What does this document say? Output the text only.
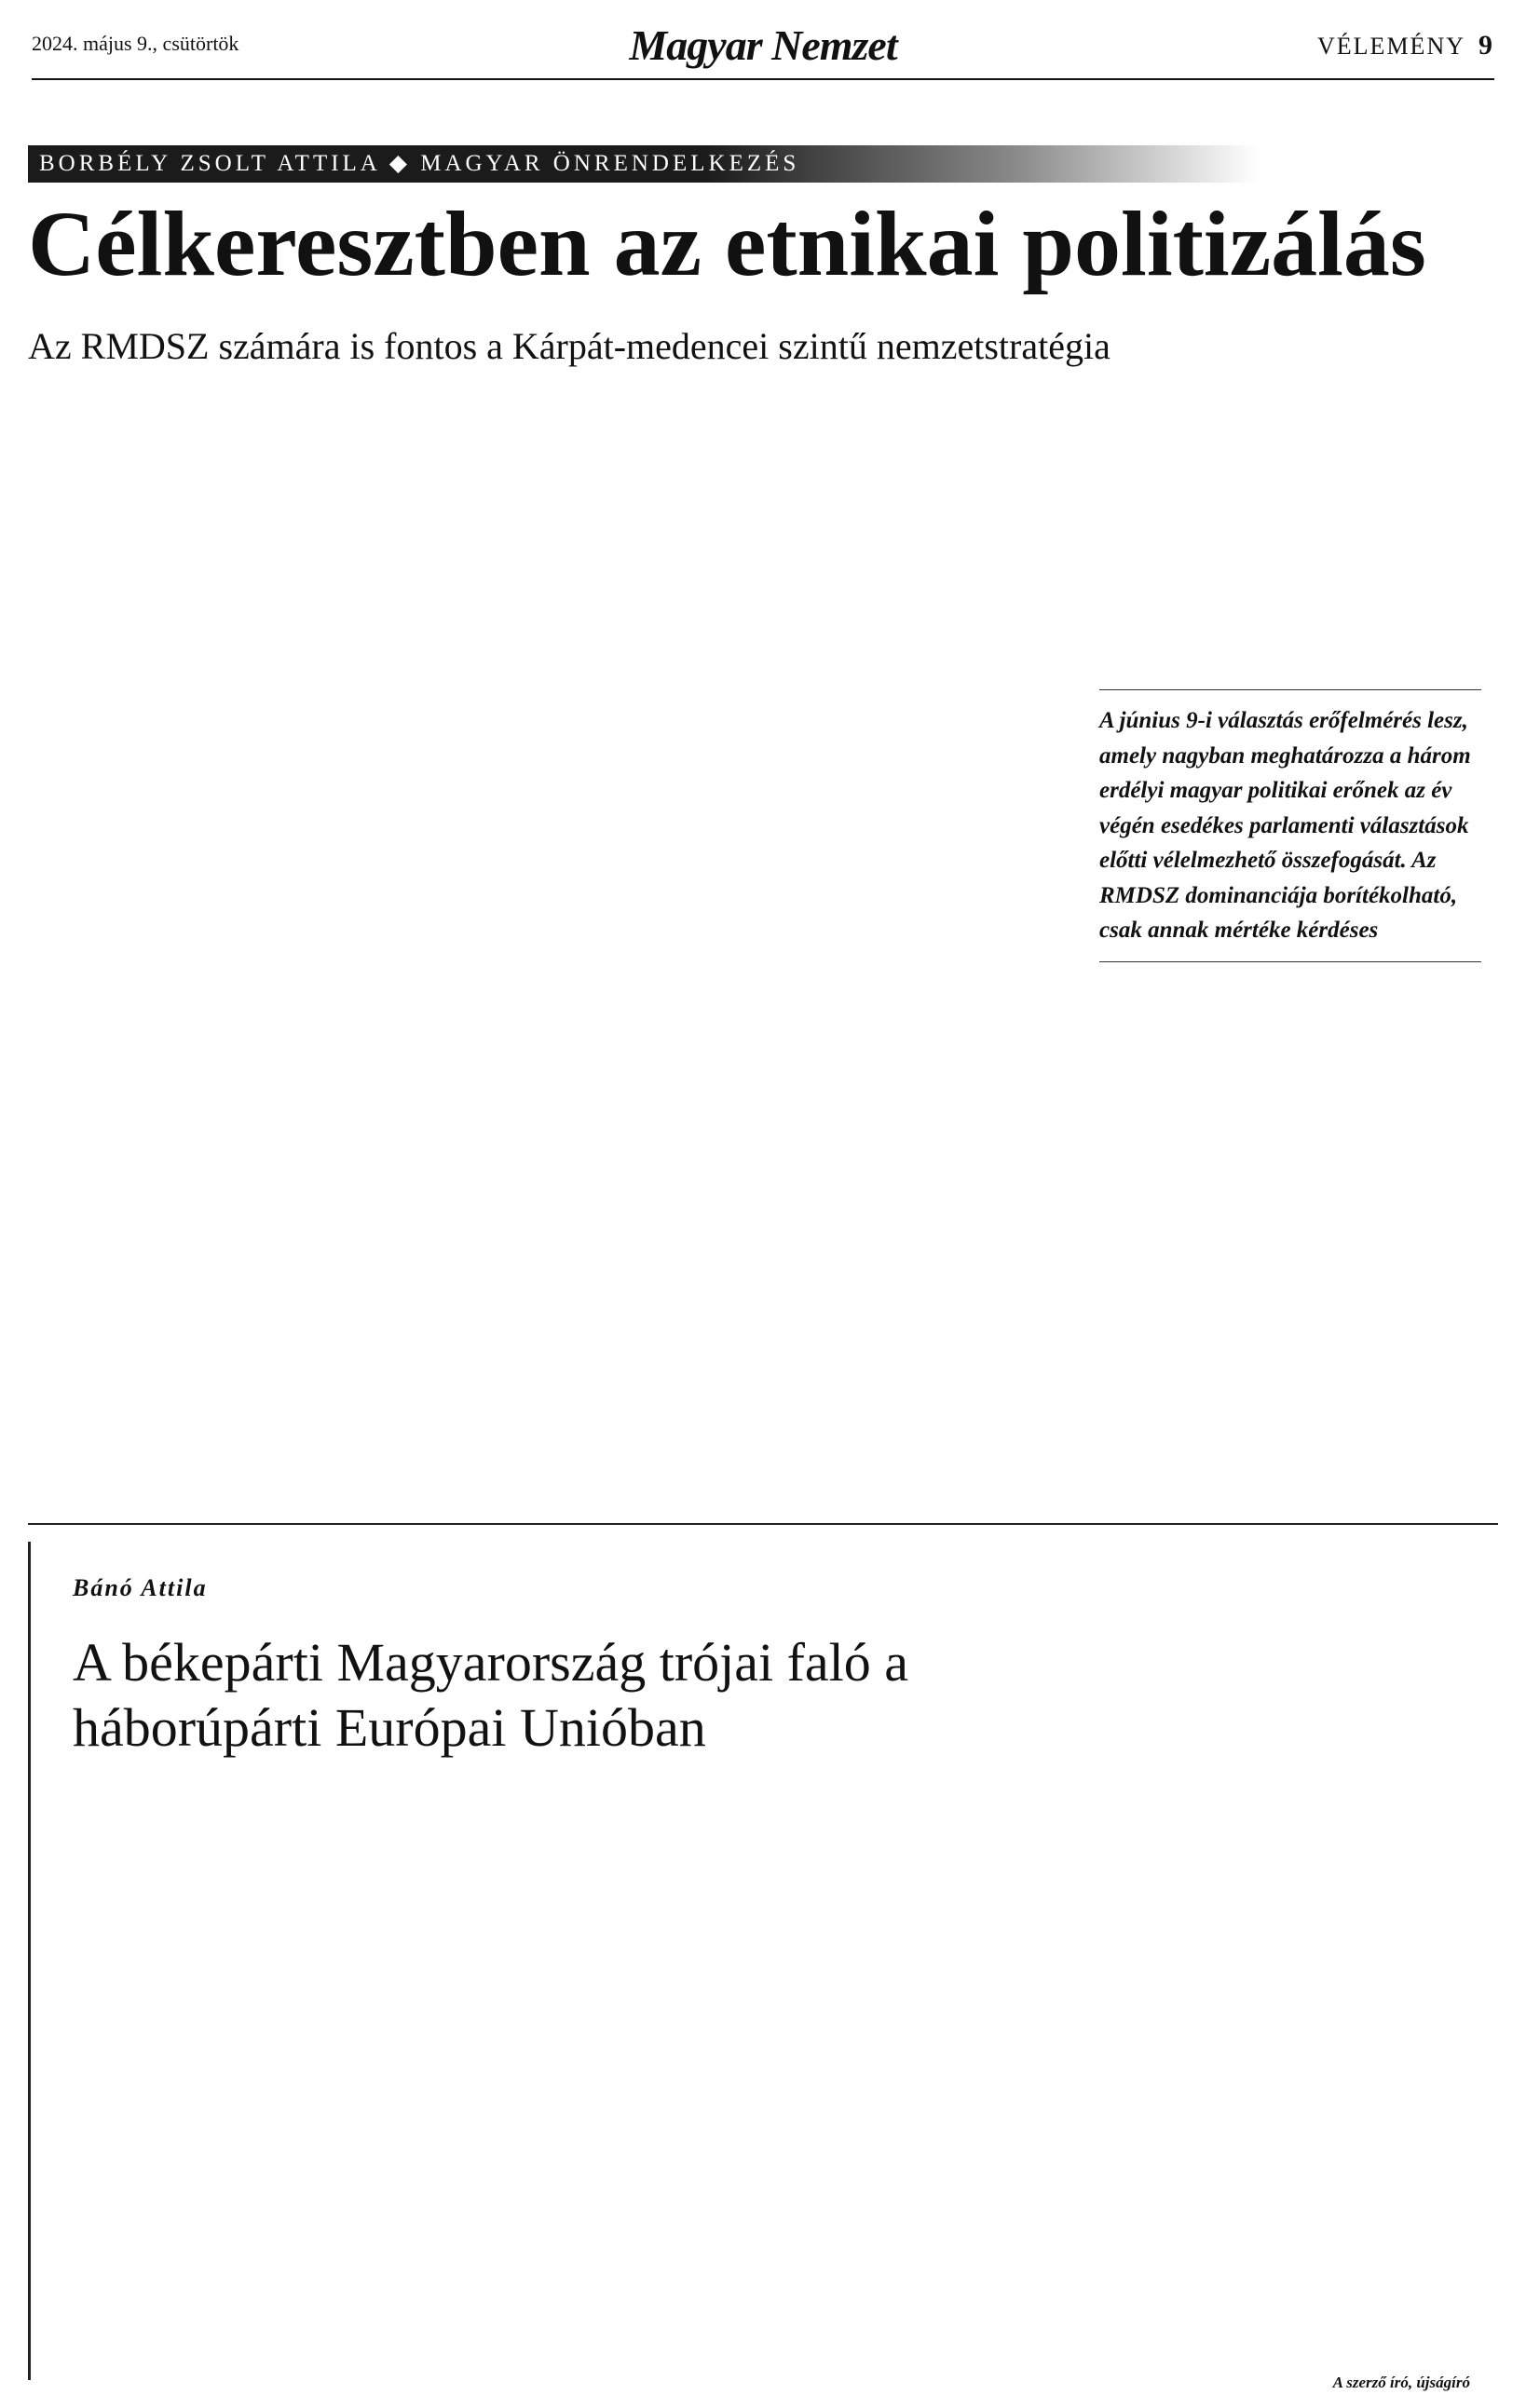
2024. május 9., csütörtök	Magyar Nemzet	VÉLEMÉNY 9
BORBÉLY ZSOLT ATTILA ◆ MAGYAR ÖNRENDELKEZÉS
Célkeresztben az etnikai politizálás
Az RMDSZ számára is fontos a Kárpát-medencei szintű nemzetstratégia
A június 9-i választás erőfelmérés lesz, amely nagyban meghatározza a három erdélyi magyar politikai erőnek az év végén esedékes parlamenti választások előtti vélelmezhető összefogását. Az RMDSZ dominanciája borítékolható, csak annak mértéke kérdéses
Bánó Attila
A békepárti Magyarország trójai faló a háborúpárti Európai Unióban
A szerző író, újságíró
